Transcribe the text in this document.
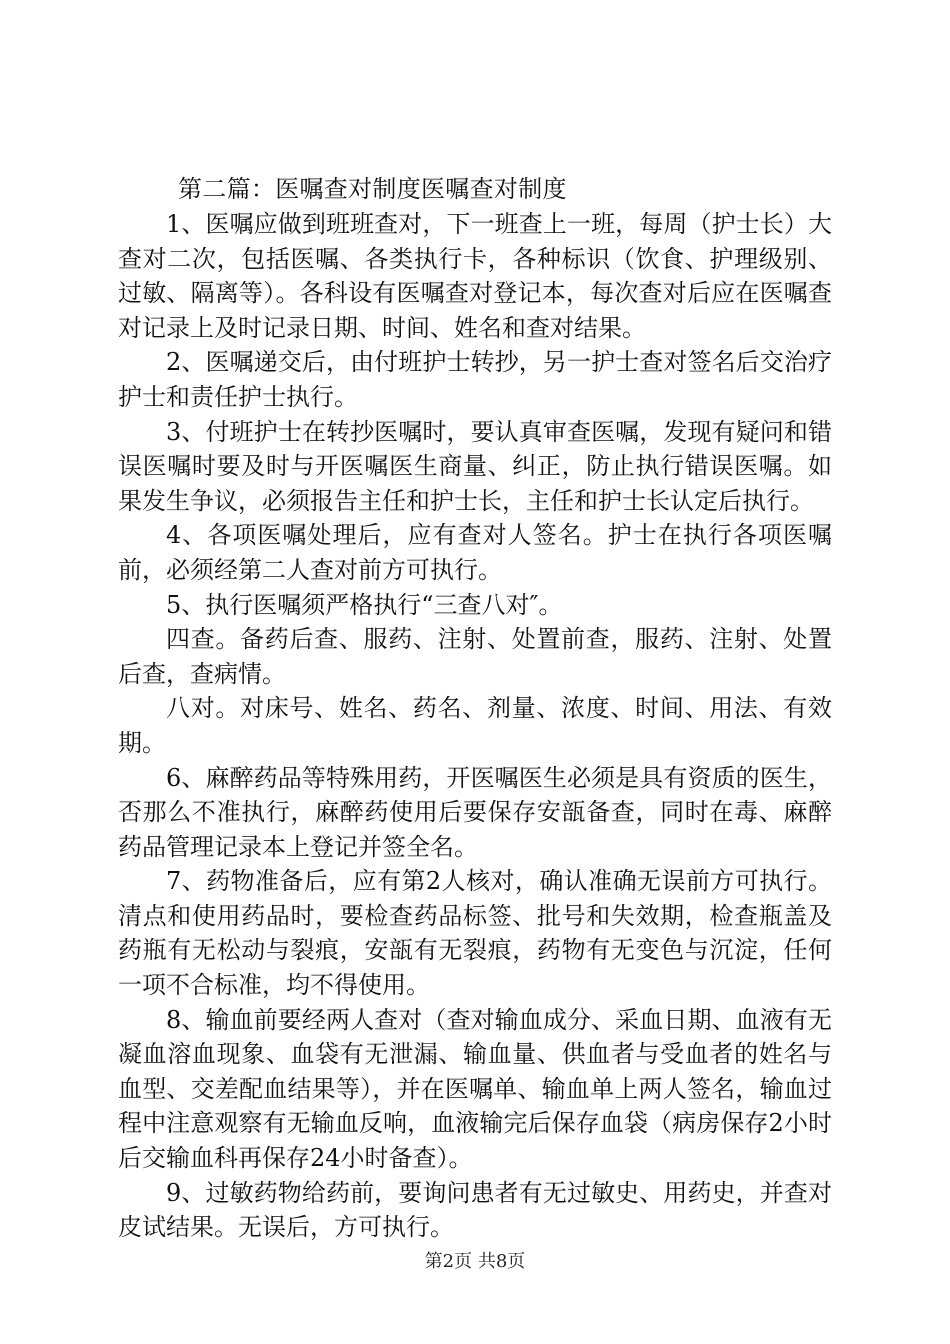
第二篇：医嘱查对制度医嘱查对制度

1、医嘱应做到班班查对，下一班查上一班，每周（护士长）大查对二次，包括医嘱、各类执行卡，各种标识（饮食、护理级别、过敏、隔离等）。各科设有医嘱查对登记本，每次查对后应在医嘱查对记录上及时记录日期、时间、姓名和查对结果。

2、医嘱递交后，由付班护士转抄，另一护士查对签名后交治疗护士和责任护士执行。

3、付班护士在转抄医嘱时，要认真审查医嘱，发现有疑问和错误医嘱时要及时与开医嘱医生商量、纠正，防止执行错误医嘱。如果发生争议，必须报告主任和护士长，主任和护士长认定后执行。

4、各项医嘱处理后，应有查对人签名。护士在执行各项医嘱前，必须经第二人查对前方可执行。

5、执行医嘱须严格执行“三查八对″。

四查。备药后查、服药、注射、处置前查，服药、注射、处置后查，查病情。

八对。对床号、姓名、药名、剂量、浓度、时间、用法、有效期。

6、麻醉药品等特殊用药，开医嘱医生必须是具有资质的医生，否那么不准执行，麻醉药使用后要保存安瓿备查，同时在毒、麻醉药品管理记录本上登记并签全名。

7、药物准备后，应有第2人核对，确认准确无误前方可执行。清点和使用药品时，要检查药品标签、批号和失效期，检查瓶盖及药瓶有无松动与裂痕，安瓿有无裂痕，药物有无变色与沉淀，任何一项不合标准，均不得使用。

8、输血前要经两人查对（查对输血成分、采血日期、血液有无凝血溶血现象、血袋有无泄漏、输血量、供血者与受血者的姓名与血型、交差配血结果等），并在医嘱单、输血单上两人签名，输血过程中注意观察有无输血反响，血液输完后保存血袋（病房保存2小时后交输血科再保存24小时备查）。

9、过敏药物给药前，要询问患者有无过敏史、用药史，并查对皮试结果。无误后，方可执行。

第2页 共8页
